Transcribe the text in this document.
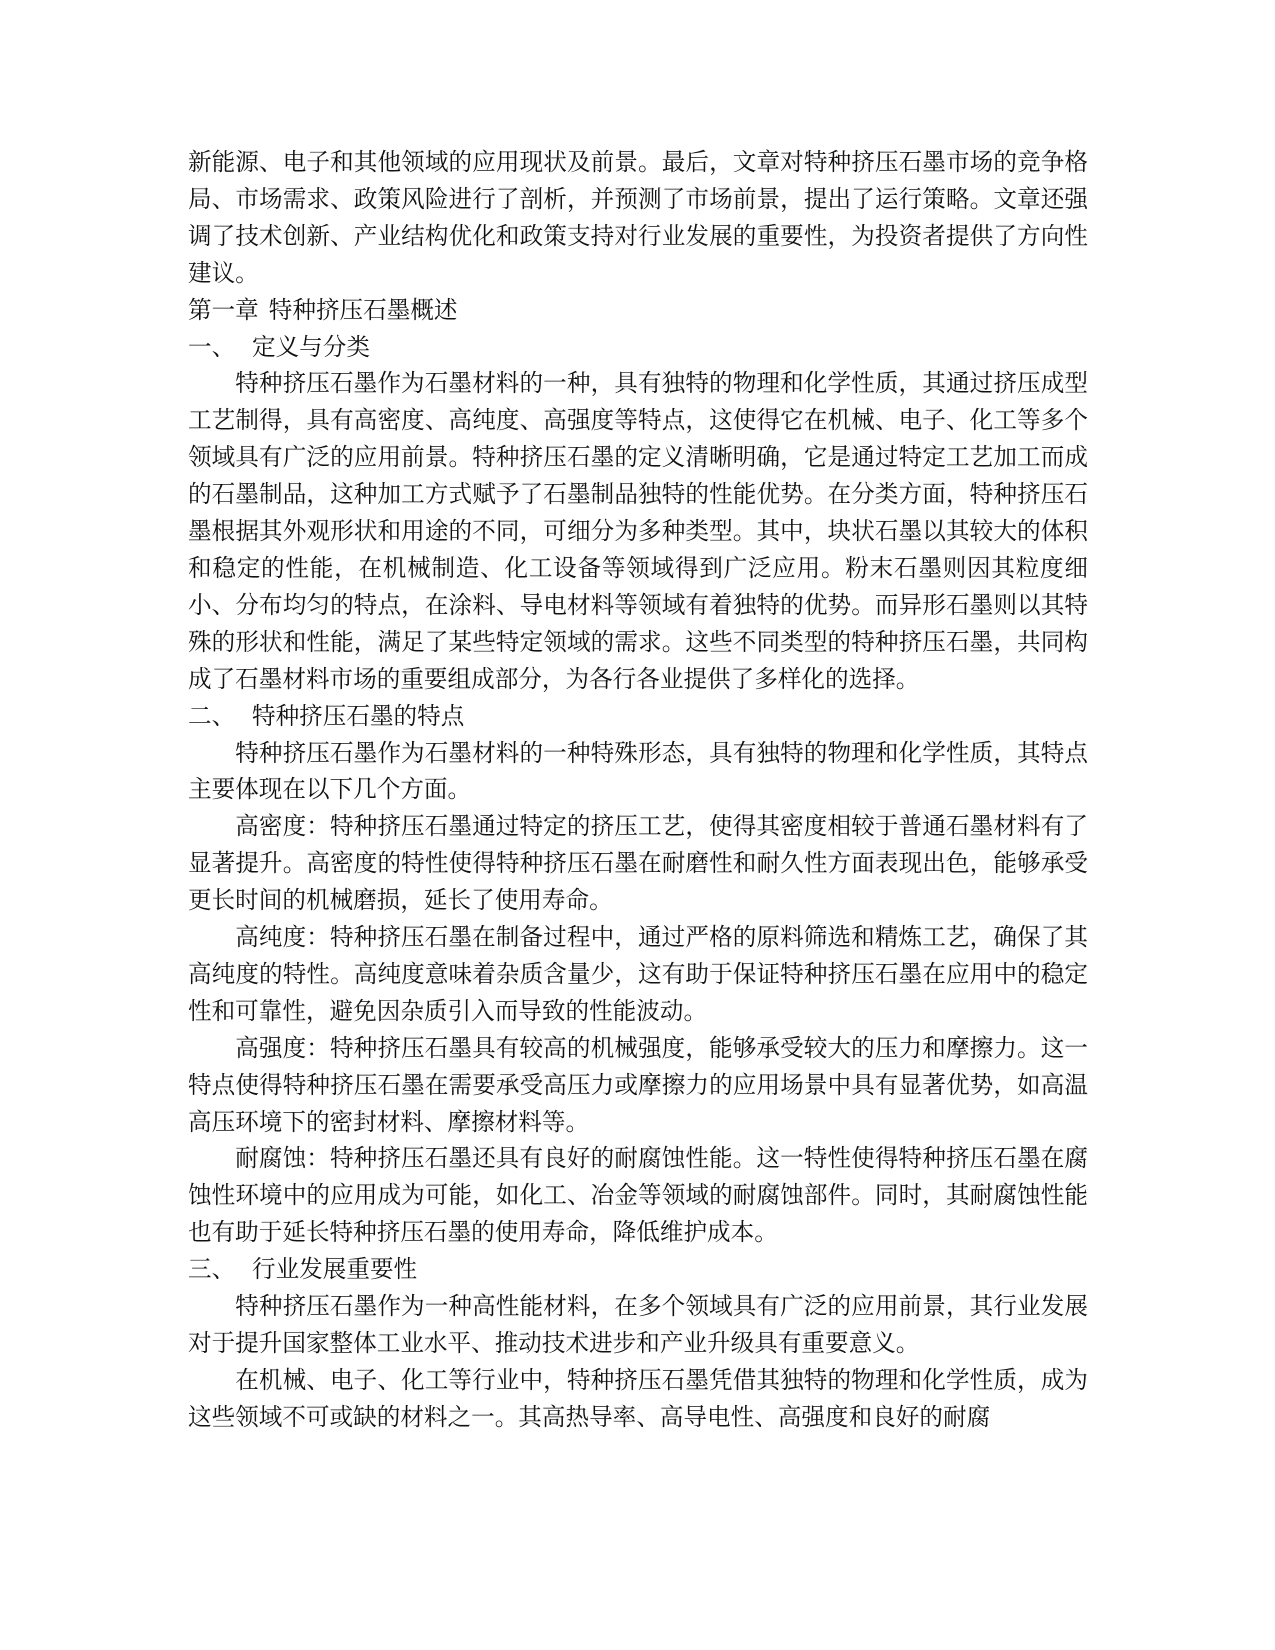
新能源、电子和其他领域的应用现状及前景。最后，文章对特种挤压石墨市场的竞争格局、市场需求、政策风险进行了剖析，并预测了市场前景，提出了运行策略。文章还强调了技术创新、产业结构优化和政策支持对行业发展的重要性，为投资者提供了方向性建议。

第一章 特种挤压石墨概述

一、 定义与分类

特种挤压石墨作为石墨材料的一种，具有独特的物理和化学性质，其通过挤压成型工艺制得，具有高密度、高纯度、高强度等特点，这使得它在机械、电子、化工等多个领域具有广泛的应用前景。特种挤压石墨的定义清晰明确，它是通过特定工艺加工而成的石墨制品，这种加工方式赋予了石墨制品独特的性能优势。在分类方面，特种挤压石墨根据其外观形状和用途的不同，可细分为多种类型。其中，块状石墨以其较大的体积和稳定的性能，在机械制造、化工设备等领域得到广泛应用。粉末石墨则因其粒度细小、分布均匀的特点，在涂料、导电材料等领域有着独特的优势。而异形石墨则以其特殊的形状和性能，满足了某些特定领域的需求。这些不同类型的特种挤压石墨，共同构成了石墨材料市场的重要组成部分，为各行各业提供了多样化的选择。

二、 特种挤压石墨的特点

特种挤压石墨作为石墨材料的一种特殊形态，具有独特的物理和化学性质，其特点主要体现在以下几个方面。

高密度：特种挤压石墨通过特定的挤压工艺，使得其密度相较于普通石墨材料有了显著提升。高密度的特性使得特种挤压石墨在耐磨性和耐久性方面表现出色，能够承受更长时间的机械磨损，延长了使用寿命。

高纯度：特种挤压石墨在制备过程中，通过严格的原料筛选和精炼工艺，确保了其高纯度的特性。高纯度意味着杂质含量少，这有助于保证特种挤压石墨在应用中的稳定性和可靠性，避免因杂质引入而导致的性能波动。

高强度：特种挤压石墨具有较高的机械强度，能够承受较大的压力和摩擦力。这一特点使得特种挤压石墨在需要承受高压力或摩擦力的应用场景中具有显著优势，如高温高压环境下的密封材料、摩擦材料等。

耐腐蚀：特种挤压石墨还具有良好的耐腐蚀性能。这一特性使得特种挤压石墨在腐蚀性环境中的应用成为可能，如化工、冶金等领域的耐腐蚀部件。同时，其耐腐蚀性能也有助于延长特种挤压石墨的使用寿命，降低维护成本。

三、 行业发展重要性

特种挤压石墨作为一种高性能材料，在多个领域具有广泛的应用前景，其行业发展对于提升国家整体工业水平、推动技术进步和产业升级具有重要意义。

在机械、电子、化工等行业中，特种挤压石墨凭借其独特的物理和化学性质，成为这些领域不可或缺的材料之一。其高热导率、高导电性、高强度和良好的耐腐
